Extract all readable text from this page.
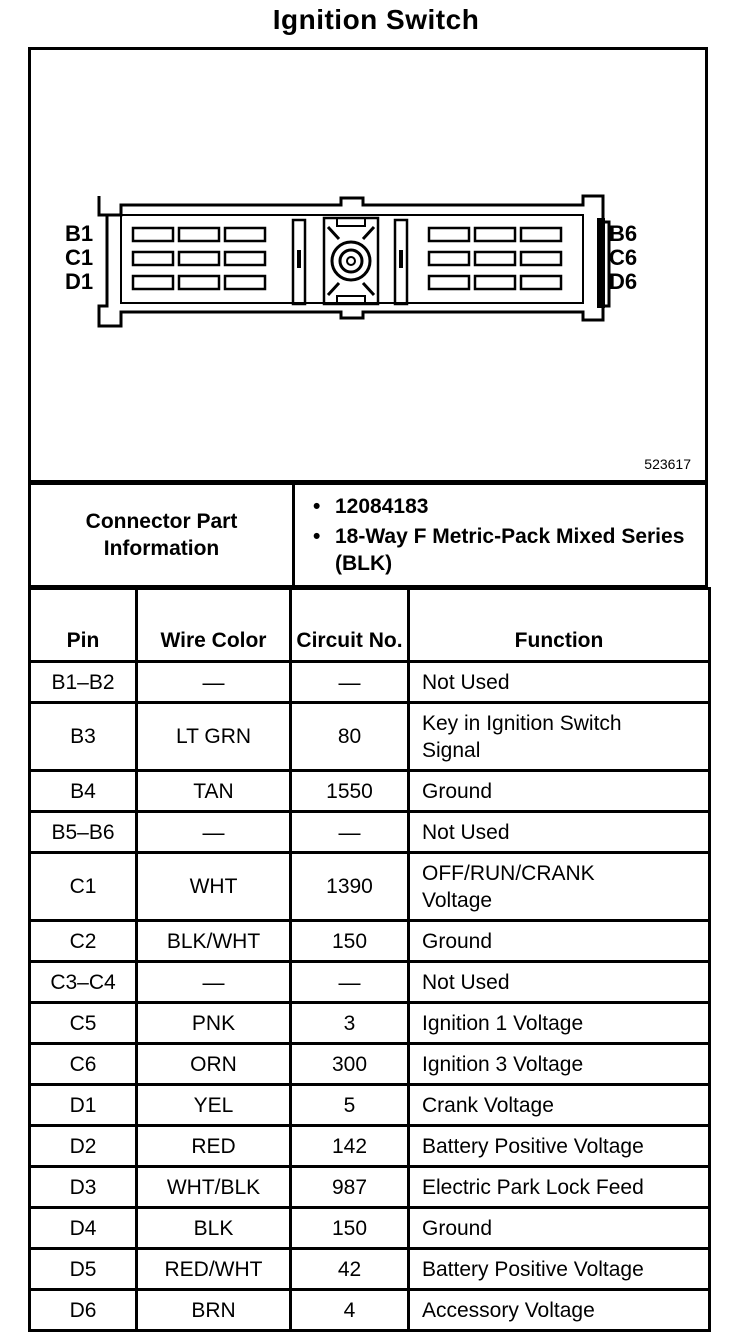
Ignition Switch
B1
C1
D1
B6
C6
D6
523617
Connector Part Information	
• 12084183
• 18-Way F Metric-Pack Mixed Series (BLK)
Pin	Wire Color	Circuit No.	Function
B1–B2	—	—	Not Used
B3	LT GRN	80	Key in Ignition Switch Signal
B4	TAN	1550	Ground
B5–B6	—	—	Not Used
C1	WHT	1390	OFF/RUN/CRANK Voltage
C2	BLK/WHT	150	Ground
C3–C4	—	—	Not Used
C5	PNK	3	Ignition 1 Voltage
C6	ORN	300	Ignition 3 Voltage
D1	YEL	5	Crank Voltage
D2	RED	142	Battery Positive Voltage
D3	WHT/BLK	987	Electric Park Lock Feed
D4	BLK	150	Ground
D5	RED/WHT	42	Battery Positive Voltage
D6	BRN	4	Accessory Voltage
